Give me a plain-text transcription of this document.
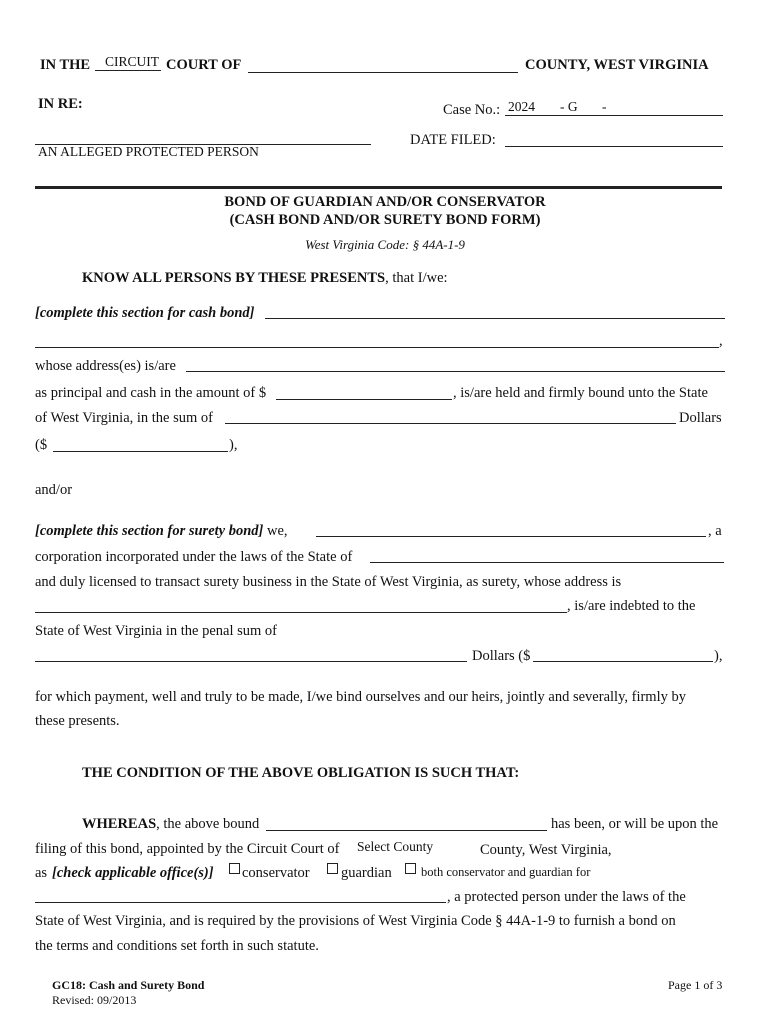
IN THE CIRCUIT COURT OF	COUNTY, WEST VIRGINIA
IN RE:	Case No.: 2024 - G -
DATE FILED:
AN ALLEGED PROTECTED PERSON
BOND OF GUARDIAN AND/OR CONSERVATOR
(CASH BOND AND/OR SURETY BOND FORM)
West Virginia Code: § 44A-1-9
KNOW ALL PERSONS BY THESE PRESENTS, that I/we:
[complete this section for cash bond]
,
whose address(es) is/are
as principal and cash in the amount of $	, is/are held and firmly bound unto the State
of West Virginia, in the sum of	Dollars
($	),
and/or
[complete this section for surety bond] we,	, a
corporation incorporated under the laws of the State of
and duly licensed to transact surety business in the State of West Virginia, as surety, whose address is
, is/are indebted to the
State of West Virginia in the penal sum of
Dollars ($	),
for which payment, well and truly to be made, I/we bind ourselves and our heirs, jointly and severally, firmly by
these presents.
THE CONDITION OF THE ABOVE OBLIGATION IS SUCH THAT:
WHEREAS, the above bound	has been, or will be upon the
filing of this bond, appointed by the Circuit Court of Select County	County, West Virginia,
as [check applicable office(s)] conservator guardian both conservator and guardian for
, a protected person under the laws of the
State of West Virginia, and is required by the provisions of West Virginia Code § 44A-1-9 to furnish a bond on
the terms and conditions set forth in such statute.
GC18: Cash and Surety Bond
Revised: 09/2013
Page 1 of 3
